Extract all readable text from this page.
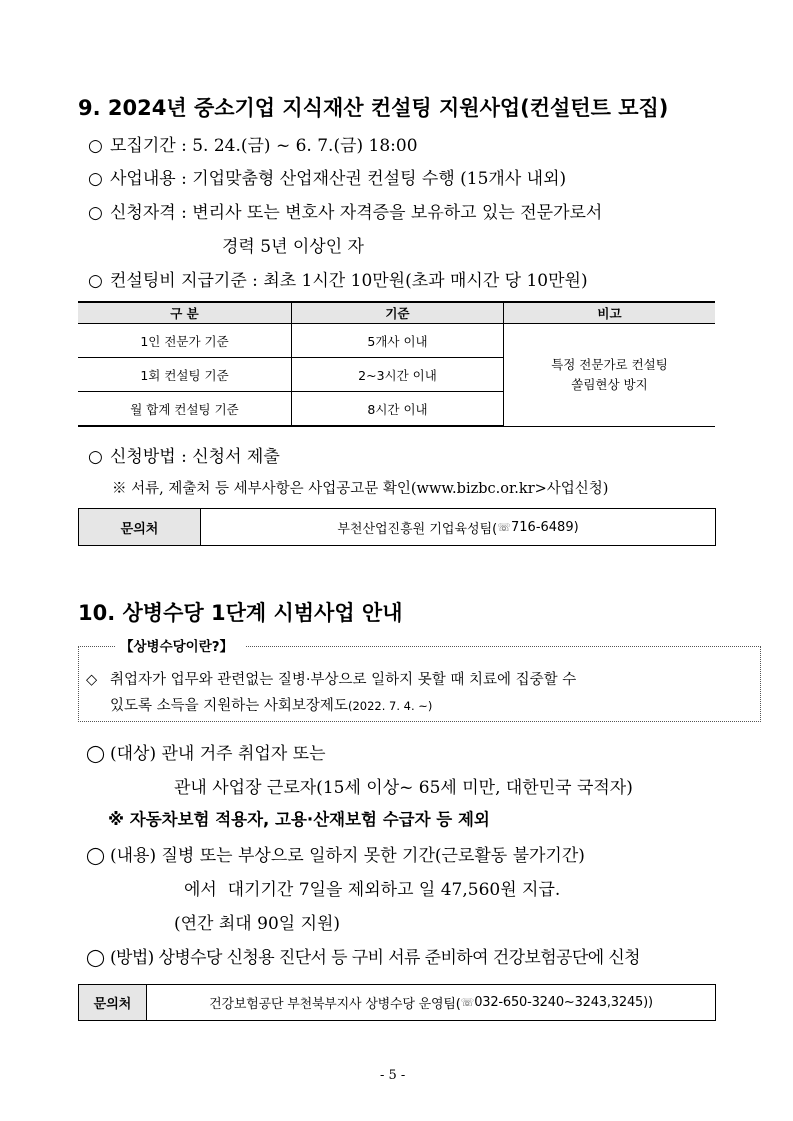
9. 2024년 중소기업 지식재산 컨설팅 지원사업(컨설턴트 모집)
○ 모집기간 : 5. 24.(금) ~ 6. 7.(금) 18:00
○ 사업내용 : 기업맞춤형 산업재산권 컨설팅 수행 (15개사 내외)
○ 신청자격 : 변리사 또는 변호사 자격증을 보유하고 있는 전문가로서
경력 5년 이상인 자
○ 컨설팅비 지급기준 : 최초 1시간 10만원(초과 매시간 당 10만원)
구 분	기준	비고
1인 전문가 기준	5개사 이내	특정 전문가로 컨설팅
쏠림현상 방지
1회 컨설팅 기준	2~3시간 이내	
월 합계 컨설팅 기준	8시간 이내	
○ 신청방법 : 신청서 제출
※ 서류, 제출처 등 세부사항은 사업공고문 확인(www.bizbc.or.kr>사업신청)
문의처	부천산업진흥원 기업육성팀( ☏ 716-6489)
10. 상병수당 1단계 시범사업 안내
【상병수당이란?】
◇ 취업자가 업무와 관련없는 질병·부상으로 일하지 못할 때 치료에 집중할 수
있도록 소득을 지원하는 사회보장제도(2022. 7. 4. ~)
◯ (대상) 관내 거주 취업자 또는
관내 사업장 근로자(15세 이상~ 65세 미만, 대한민국 국적자)
※ 자동차보험 적용자, 고용·산재보험 수급자 등 제외
◯ (내용) 질병 또는 부상으로 일하지 못한 기간(근로활동 불가기간)
에서  대기기간 7일을 제외하고 일 47,560원 지급.
(연간 최대 90일 지원)
◯ (방법) 상병수당 신청용 진단서 등 구비 서류 준비하여 건강보험공단에 신청
문의처	건강보험공단 부천북부지사 상병수당 운영팀( ☏ 032-650-3240~3243,3245))
- 5 -
